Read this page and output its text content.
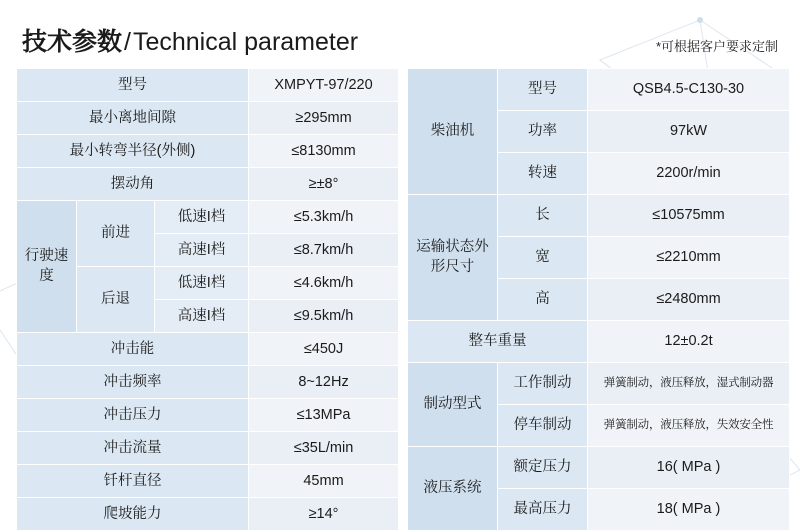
技术参数/Technical parameter	*可根据客户要求定制
型号			XMPYT-97/220
最小离地间隙			≥295mm
最小转弯半径(外侧)			≤8130mm
摆动角			≥±8°
行驶速度	前进	低速I档	≤5.3km/h
		高速I档	≤8.7km/h
	后退	低速I档	≤4.6km/h
		高速I档	≤9.5km/h
冲击能			≤450J
冲击频率			8~12Hz
冲击压力			≤13MPa
冲击流量			≤35L/min
钎杆直径			45mm
爬坡能力			≥14°
柴油机	型号	QSB4.5-C130-30
	功率	97kW
	转速	2200r/min
运输状态外形尺寸	长	≤10575mm
	宽	≤2210mm
	高	≤2480mm
整车重量		12±0.2t
制动型式	工作制动	弹簧制动，液压释放，湿式制动器
	停车制动	弹簧制动，液压释放，失效安全性
液压系统	额定压力	16( MPa )
	最高压力	18( MPa )
